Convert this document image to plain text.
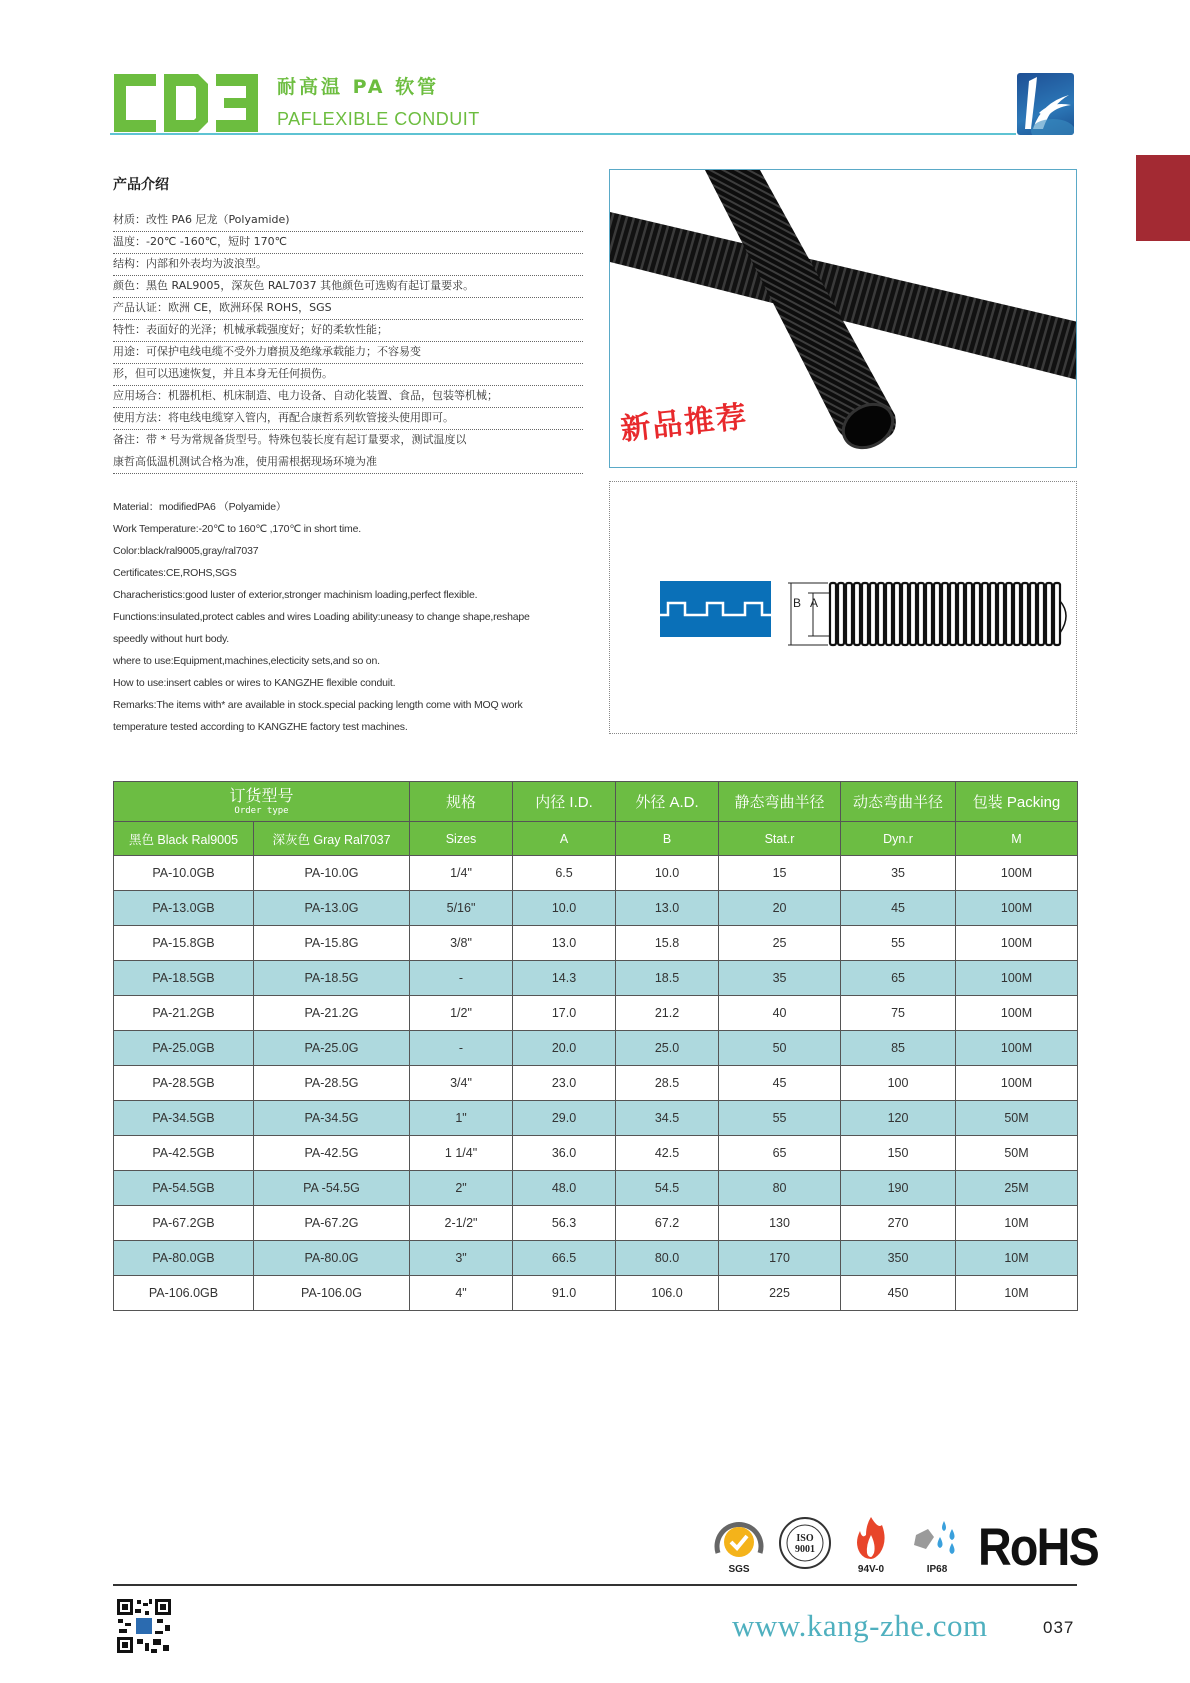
耐高温 PA 软管
PAFLEXIBLE CONDUIT
产品介绍
材质：改性 PA6 尼龙（Polyamide)
温度：-20℃ -160℃，短时 170℃
结构：内部和外表均为波浪型。
颜色：黑色 RAL9005，深灰色 RAL7037 其他颜色可选购有起订量要求。
产品认证：欧洲 CE，欧洲环保 ROHS，SGS
特性：表面好的光泽；机械承载强度好；好的柔软性能；
用途：可保护电线电缆不受外力磨损及绝缘承载能力；不容易变
形，但可以迅速恢复，并且本身无任何损伤。
应用场合：机器机柜、机床制造、电力设备、自动化装置、食品，包装等机械；
使用方法：将电线电缆穿入管内，再配合康哲系列软管接头使用即可。
备注：带 * 号为常规备货型号。特殊包装长度有起订量要求，测试温度以
康哲高低温机测试合格为准，使用需根据现场环境为准
Material：modifiedPA6 （Polyamide）
Work Temperature:-20℃ to 160℃ ,170℃ in short time.
Color:black/ral9005,gray/ral7037
Certificates:CE,ROHS,SGS
Characheristics:good luster of exterior,stronger machinism loading,perfect flexible.
Functions:insulated,protect cables and wires Loading ability:uneasy to change shape,reshape
speedly without hurt body.
where to use:Equipment,machines,electicity sets,and so on.
How to use:insert cables or wires to KANGZHE flexible conduit.
Remarks:The items with* are available in stock.special packing length come with MOQ work
temperature tested according to KANGZHE factory test machines.
新品推荐
B A
订货型号
Order type		规格	内径 I.D.	外径 A.D.	静态弯曲半径	动态弯曲半径	包装 Packing
黑色 Black Ral9005	深灰色 Gray Ral7037	Sizes	A	B	Stat.r	Dyn.r	M
PA-10.0GB	PA-10.0G	1/4"	6.5	10.0	15	35	100M
PA-13.0GB	PA-13.0G	5/16"	10.0	13.0	20	45	100M
PA-15.8GB	PA-15.8G	3/8"	13.0	15.8	25	55	100M
PA-18.5GB	PA-18.5G	-	14.3	18.5	35	65	100M
PA-21.2GB	PA-21.2G	1/2"	17.0	21.2	40	75	100M
PA-25.0GB	PA-25.0G	-	20.0	25.0	50	85	100M
PA-28.5GB	PA-28.5G	3/4"	23.0	28.5	45	100	100M
PA-34.5GB	PA-34.5G	1"	29.0	34.5	55	120	50M
PA-42.5GB	PA-42.5G	1 1/4"	36.0	42.5	65	150	50M
PA-54.5GB	PA -54.5G	2"	48.0	54.5	80	190	25M
PA-67.2GB	PA-67.2G	2-1/2"	56.3	67.2	130	270	10M
PA-80.0GB	PA-80.0G	3"	66.5	80.0	170	350	10M
PA-106.0GB	PA-106.0G	4"	91.0	106.0	225	450	10M
SGS
ISO
9001
94V-0	IP68 RoHS
www.kang-zhe.com	037
